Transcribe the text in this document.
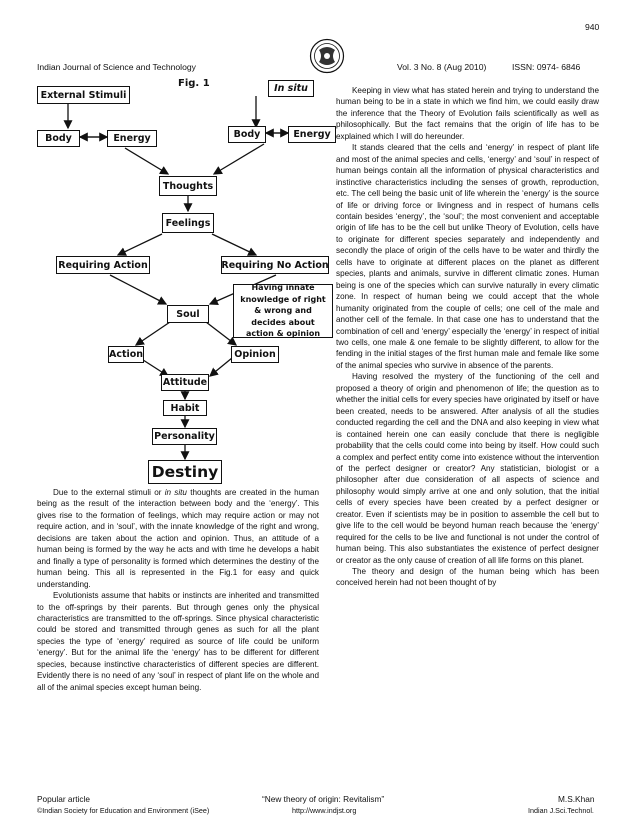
940
Indian Journal of Science and Technology	Vol. 3 No. 8 (Aug 2010)	ISSN: 0974- 6846
Fig. 1	In situ
External Stimuli
Body	Energy	Body	Energy
Thoughts
Feelings
Requiring Action	Requiring No Action
Soul
Having innate knowledge of right & wrong and decides about action & opinion
Action	Opinion
Attitude
Habit
Personality
Destiny

Due to the external stimuli or in situ thoughts are created in the human being as the result of the interaction between body and the ‘energy’. This gives rise to the formation of feelings, which may require action or may not require action, and in ‘soul’, with the innate knowledge of the right and wrong, decisions are taken about the action and opinion. Thus, an attitude of a human being is formed by the way he acts and with time he develops a habit and finally a type of personality is formed which determines the destiny of the human being. This all is represented in the Fig.1 for easy and quick understanding.

Evolutionists assume that habits or instincts are inherited and transmitted to the off-springs by their parents. But through genes only the physical characteristics are transmitted to the off-springs. Since physical characteristic could be stored and transmitted through genes as such for all the plant species the type of ‘energy’ required as source of life could be uniform ‘energy’. But for the animal life the ‘energy’ has to be different for different species, because instinctive characteristics of different species are different. Evidently there is no need of any ‘soul’ in respect of plant life on the whole and all of the animal species except human being.

Keeping in view what has stated herein and trying to understand the human being to be in a state in which we find him, we could easily draw the inference that the Theory of Evolution fails scientifically as well as philosophically. But the fact remains that the origin of life has to be explained which I will do hereunder.

It stands cleared that the cells and ‘energy’ in respect of plant life and most of the animal species and cells, ‘energy’ and ‘soul’ in respect of human beings contain all the information of physical characteristics and instinctive characteristics including the senses of growth, reproduction, etc. The cell being the basic unit of life wherein the ‘energy’ is the source of life or driving force or livingness and in respect of humans cells contain besides ‘energy’, the ‘soul’; the most convenient and acceptable origin of life has to be the cell but unlike Theory of Evolution, cells have to originate for different species separately and independently and secondly the place of origin of the cells have to be water and thirdly the cells have to originate at different places on the planet as different species, plants and animals, survive in different climatic zones. Human being is one of the species which can survive naturally in every climatic zone. In respect of human being we could accept that the whole humanity originated from the couple of cells; one cell of the male and another cell of the female. In that case one has to understand that the combination of cell and ‘energy’ especially the ‘energy’ in respect of initial two cells, one male & one female to be slightly different, to allow for the fending in the initial stages of the first human male and female like some of the animal species who survive in absence of the parents.

Having resolved the mystery of the functioning of the cell and proposed a theory of origin and phenomenon of life; the question as to whether the initial cells for every species have originated by itself or have been created, needs to be answered. After analysis of all the studies conducted regarding the cell and the DNA and also keeping in view what is contained herein one can easily conclude that there is negligible probability that the cells could come into being by itself. How could such a complex and perfect entity come into existence without the intervention of the perfect designer or creator? Any statistician, biologist or a philosopher after due consideration of all aspects of science and philosophy would simply arrive at one and only solution, that the initial cells of every species have been created by a perfect designer or creator. Even if scientists may be in position to assemble the cell but to give life to the cell would be beyond human reach because the ‘energy’ required for the cells to be live and functional is not under the control of human being. This also substantiates the existence of perfect designer or creator as the only cause of creation of all life forms on this planet.

The theory and design of the human being which has been conceived herein had not been thought of by

Popular article
©Indian Society for Education and Environment (iSee)
“New theory of origin: Revitalism”
http://www.indjst.org
M.S.Khan
Indian J.Sci.Technol.
